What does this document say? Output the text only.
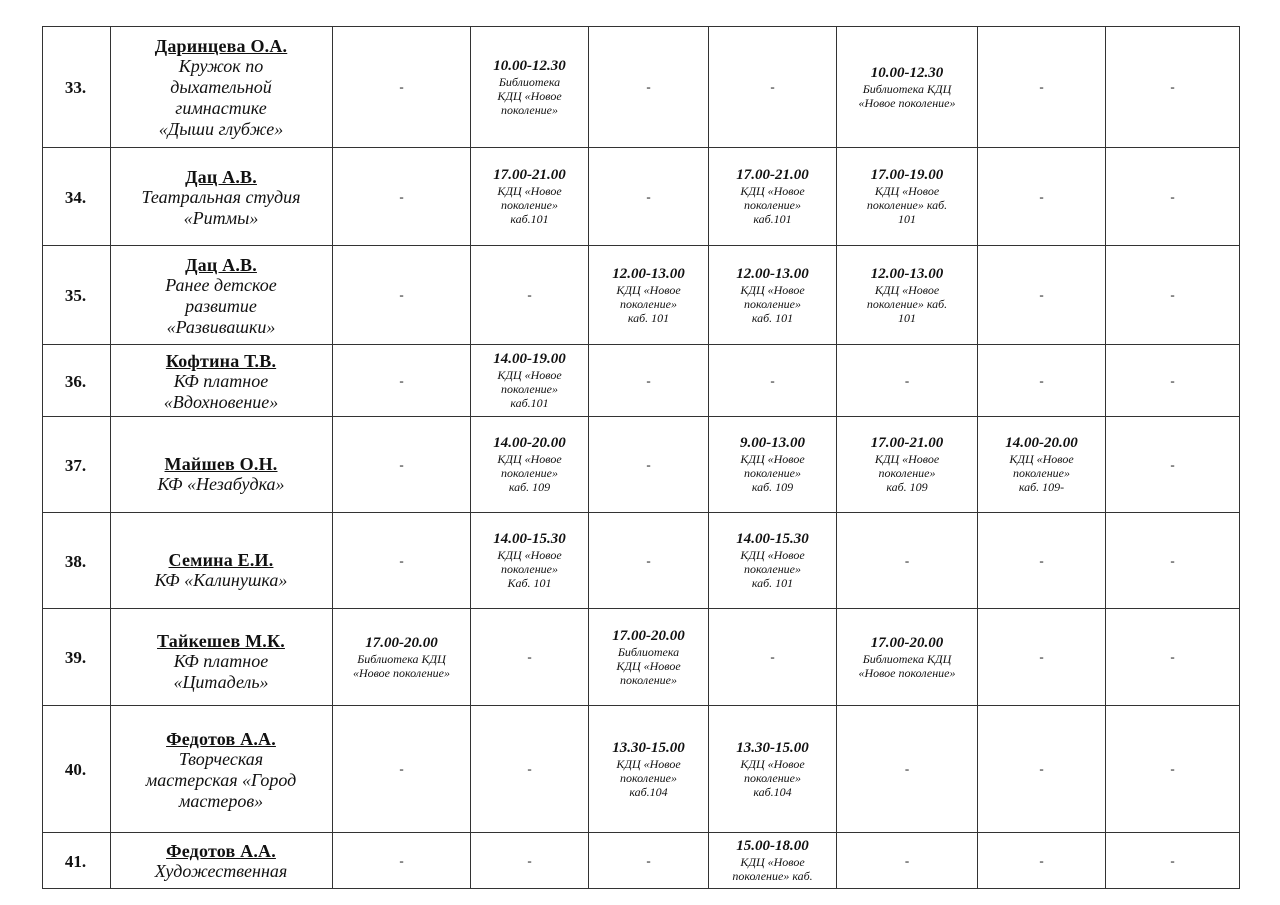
33.	Даринцева О.А.
Кружок по
дыхательной
гимнастике
«Дыши глубже»	-	10.00-12.30
Библиотека
КДЦ «Новое
поколение»	-	-	10.00-12.30
Библиотека КДЦ
«Новое поколение»	-	-
34.	Дац А.В.
Театральная студия
«Ритмы»	-	17.00-21.00
КДЦ «Новое
поколение»
каб.101	-	17.00-21.00
КДЦ «Новое
поколение»
каб.101	17.00-19.00
КДЦ «Новое
поколение» каб.
101	-	-
35.	Дац А.В.
Ранее детское
развитие
«Развивашки»	-	-	12.00-13.00
КДЦ «Новое
поколение»
каб. 101	12.00-13.00
КДЦ «Новое
поколение»
каб. 101	12.00-13.00
КДЦ «Новое
поколение» каб.
101	-	-
36.	Кофтина Т.В.
КФ платное
«Вдохновение»	-	14.00-19.00
КДЦ «Новое
поколение»
каб.101	-	-	-	-	-
37.	Майшев О.Н.
КФ «Незабудка»	-	14.00-20.00
КДЦ «Новое
поколение»
каб. 109	-	9.00-13.00
КДЦ «Новое
поколение»
каб. 109	17.00-21.00
КДЦ «Новое
поколение»
каб. 109	14.00-20.00
КДЦ «Новое
поколение»
каб. 109-	-
38.	Семина Е.И.
КФ «Калинушка»	-	14.00-15.30
КДЦ «Новое
поколение»
Каб. 101	-	14.00-15.30
КДЦ «Новое
поколение»
каб. 101	-	-	-
39.	Тайкешев М.К.
КФ платное
«Цитадель»	17.00-20.00
Библиотека КДЦ
«Новое поколение»	-	17.00-20.00
Библиотека
КДЦ «Новое
поколение»	-	17.00-20.00
Библиотека КДЦ
«Новое поколение»	-	-
40.	Федотов А.А.
Творческая
мастерская «Город
мастеров»	-	-	13.30-15.00
КДЦ «Новое
поколение»
каб.104	13.30-15.00
КДЦ «Новое
поколение»
каб.104	-	-	-
41.	Федотов А.А.
Художественная	-	-	-	15.00-18.00
КДЦ «Новое
поколение» каб.	-	-	-
